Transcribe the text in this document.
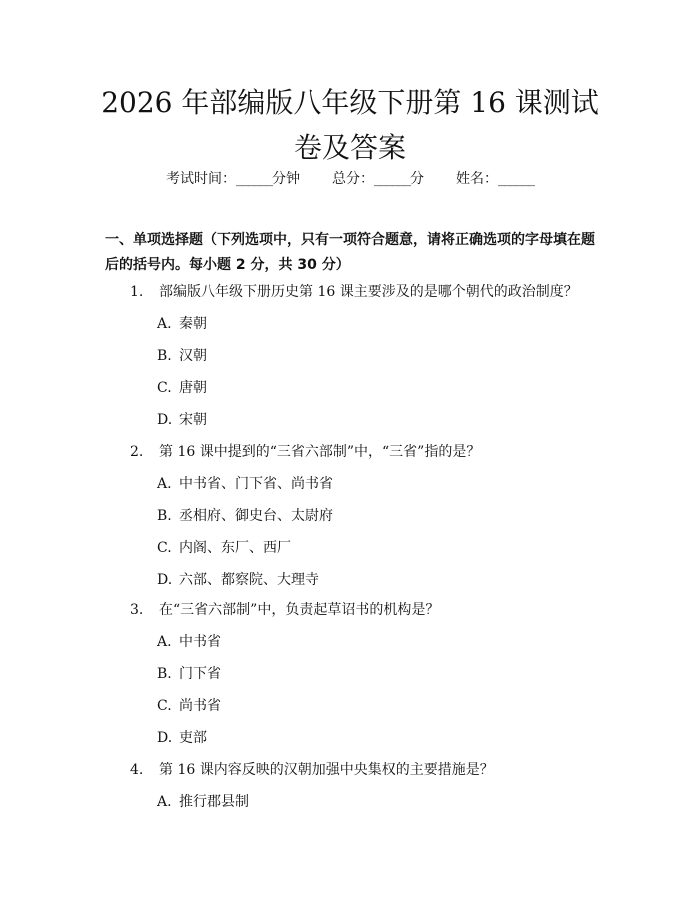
2026 年部编版八年级下册第 16 课测试卷及答案
考试时间：______分钟 总分：______分 姓名：______
一、单项选择题（下列选项中，只有一项符合题意，请将正确选项的字母填在题后的括号内。每小题 2 分，共 30 分）
1. 部编版八年级下册历史第 16 课主要涉及的是哪个朝代的政治制度？
A. 秦朝
B. 汉朝
C. 唐朝
D. 宋朝
2. 第 16 课中提到的“三省六部制”中，“三省”指的是？
A. 中书省、门下省、尚书省
B. 丞相府、御史台、太尉府
C. 内阁、东厂、西厂
D. 六部、都察院、大理寺
3. 在“三省六部制”中，负责起草诏书的机构是？
A. 中书省
B. 门下省
C. 尚书省
D. 吏部
4. 第 16 课内容反映的汉朝加强中央集权的主要措施是？
A. 推行郡县制
